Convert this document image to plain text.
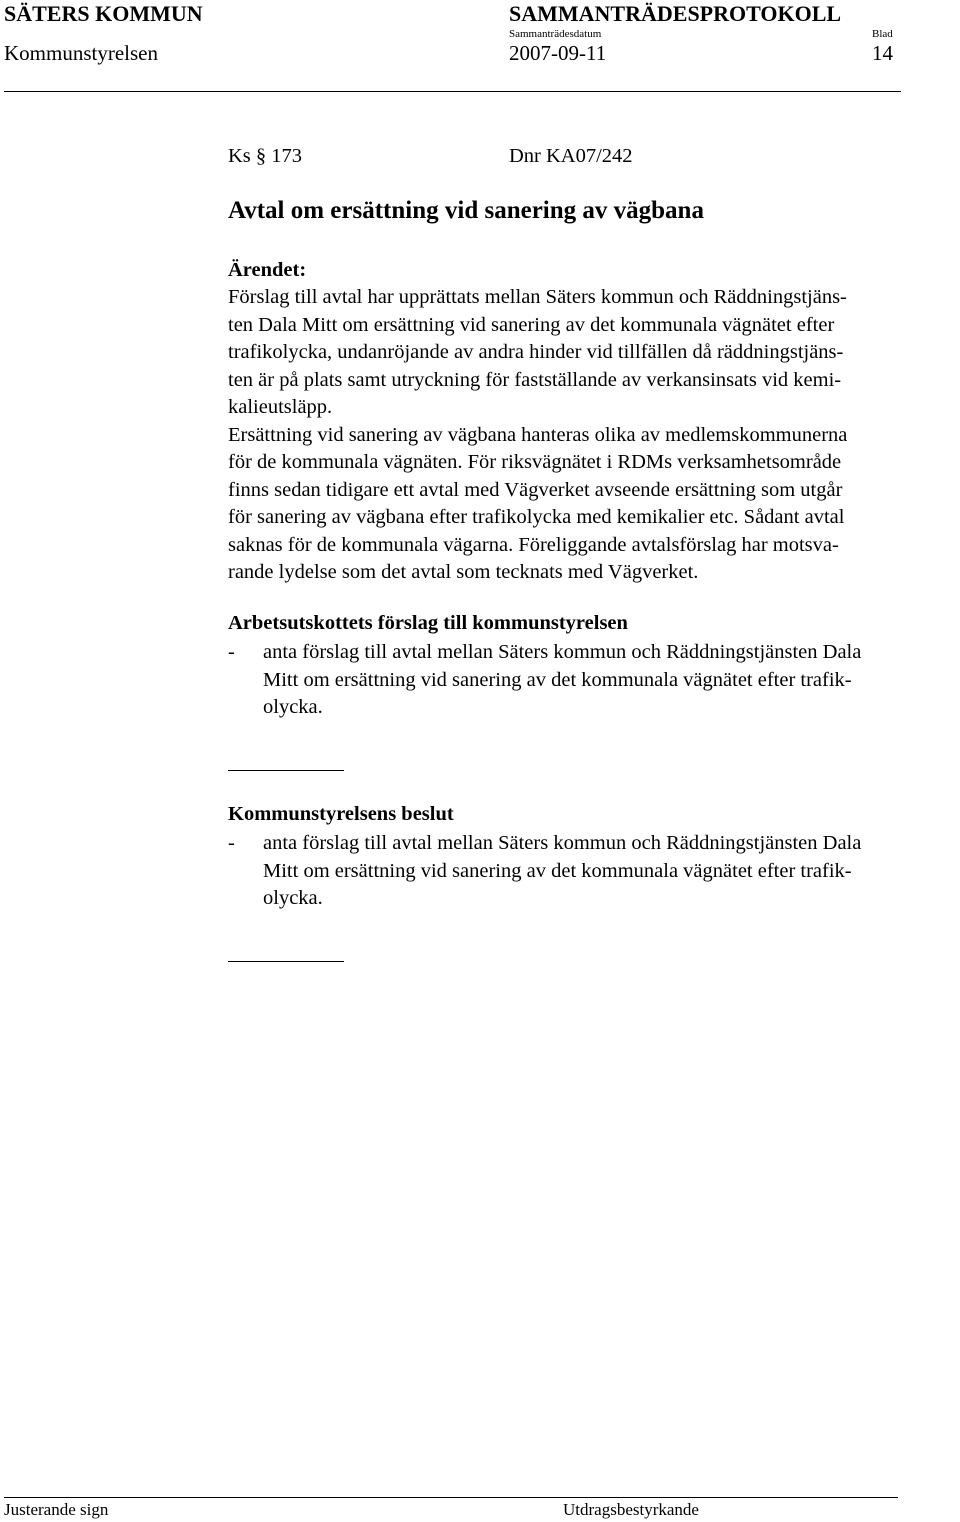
SÄTERS KOMMUN	SAMMANTRÄDESPROTOKOLL
Kommunstyrelsen
Sammanträdesdatum
2007-09-11
Blad
14
Ks § 173	Dnr KA07/242
Avtal om ersättning vid sanering av vägbana
Ärendet:
Förslag till avtal har upprättats mellan Säters kommun och Räddningstjäns-
ten Dala Mitt om ersättning vid sanering av det kommunala vägnätet efter
trafikolycka, undanröjande av andra hinder vid tillfällen då räddningstjäns-
ten är på plats samt utryckning för fastställande av verkansinsats vid kemi-
kalieutsläpp.
Ersättning vid sanering av vägbana hanteras olika av medlemskommunerna
för de kommunala vägnäten. För riksvägnätet i RDMs verksamhetsområde
finns sedan tidigare ett avtal med Vägverket avseende ersättning som utgår
för sanering av vägbana efter trafikolycka med kemikalier etc. Sådant avtal
saknas för de kommunala vägarna. Föreliggande avtalsförslag har motsva-
rande lydelse som det avtal som tecknats med Vägverket.
Arbetsutskottets förslag till kommunstyrelsen
- anta förslag till avtal mellan Säters kommun och Räddningstjänsten Dala
Mitt om ersättning vid sanering av det kommunala vägnätet efter trafik-
olycka.
Kommunstyrelsens beslut
- anta förslag till avtal mellan Säters kommun och Räddningstjänsten Dala
Mitt om ersättning vid sanering av det kommunala vägnätet efter trafik-
olycka.
Justerande sign	Utdragsbestyrkande
